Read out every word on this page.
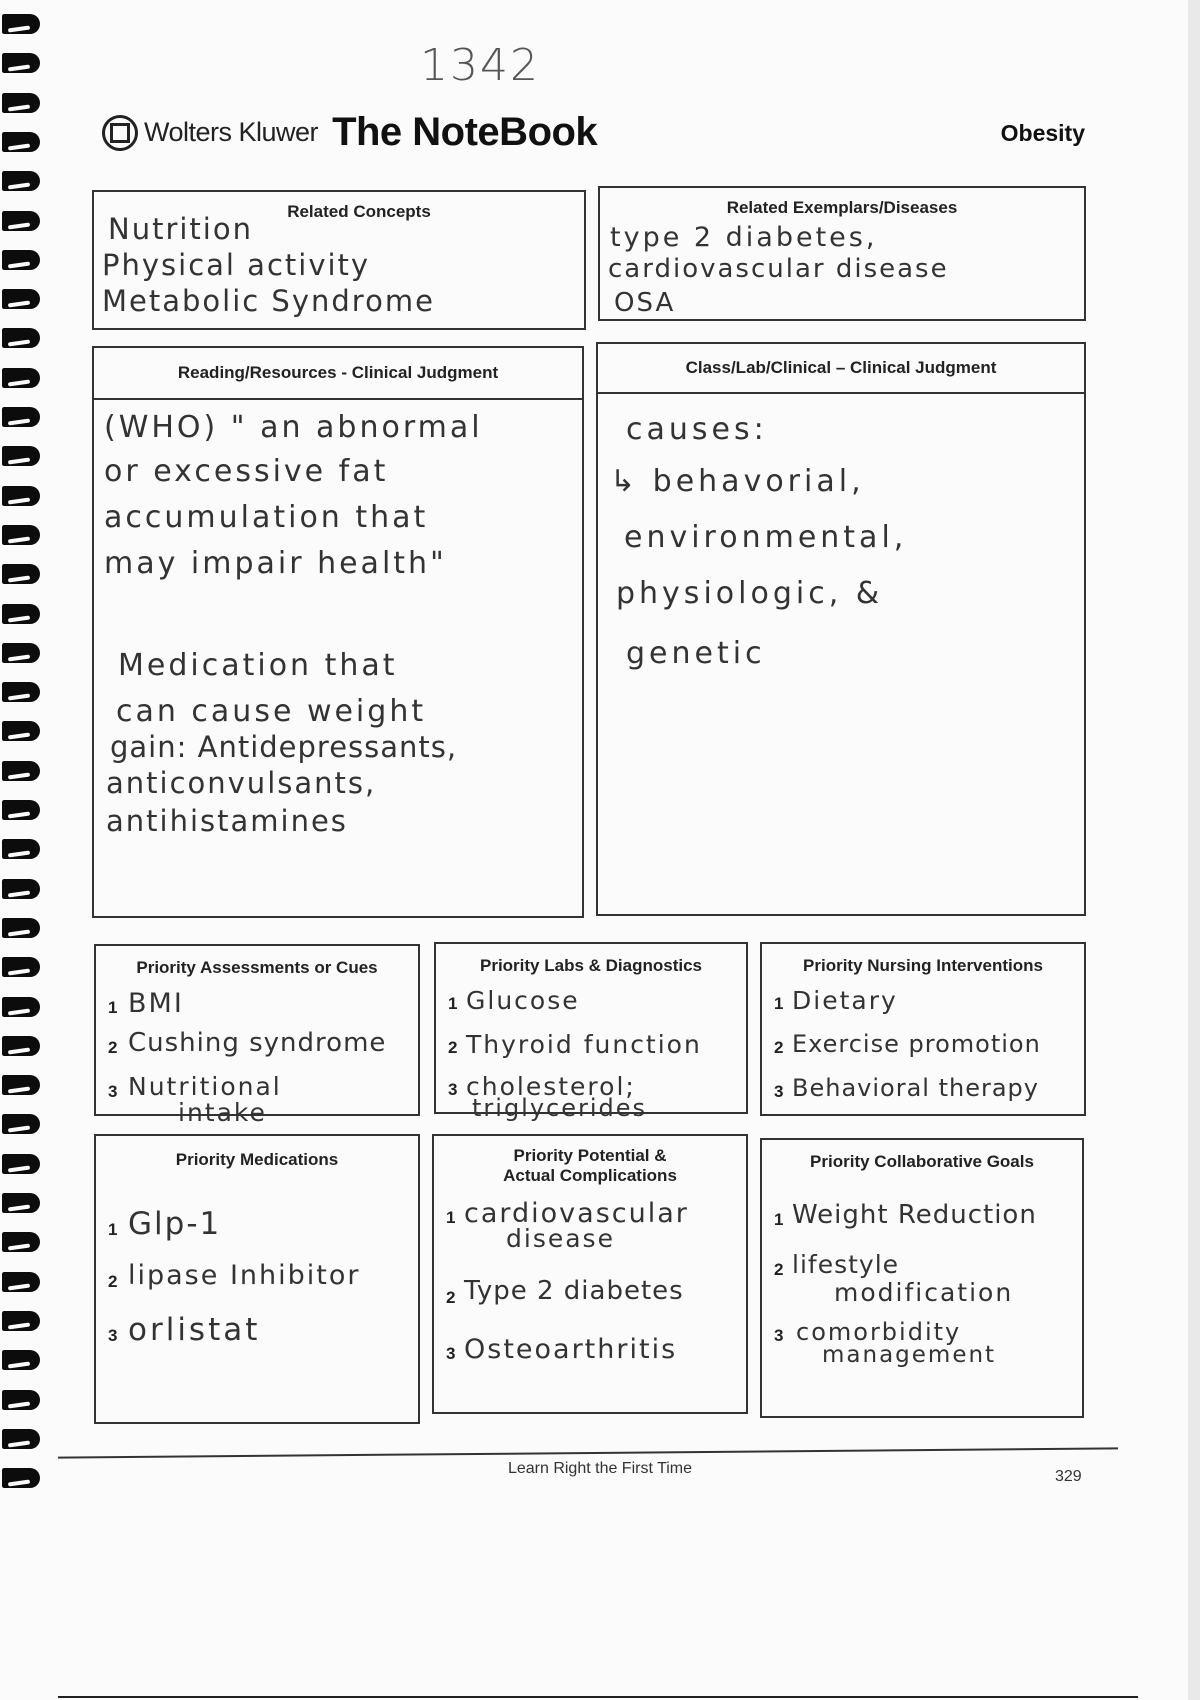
1342
Wolters Kluwer The NoteBook	Obesity
Related Concepts
Nutrition
Physical activity
Metabolic Syndrome
Related Exemplars/Diseases
type 2 diabetes,
cardiovascular disease
OSA
Reading/Resources - Clinical Judgment
(WHO) " an abnormal
or excessive fat
accumulation that
may impair health"
Medication that
can cause weight
gain: Antidepressants,
anticonvulsants,
antihistamines
Class/Lab/Clinical – Clinical Judgment
causes:
↳ behavorial,
environmental,
physiologic, &
genetic
Priority Assessments or Cues
1 BMI
2 Cushing syndrome
3 Nutritional
intake
Priority Labs & Diagnostics
1 Glucose
2 Thyroid function
3 cholesterol;
triglycerides
Priority Nursing Interventions
1 Dietary
2 Exercise promotion
3 Behavioral therapy
Priority Medications
1 Glp-1
2 lipase Inhibitor
3 orlistat
Priority Potential &
Actual Complications
1 cardiovascular
disease
2 Type 2 diabetes
3 Osteoarthritis
Priority Collaborative Goals
1 Weight Reduction
2 lifestyle
modification
3 comorbidity
management
Learn Right the First Time	329
